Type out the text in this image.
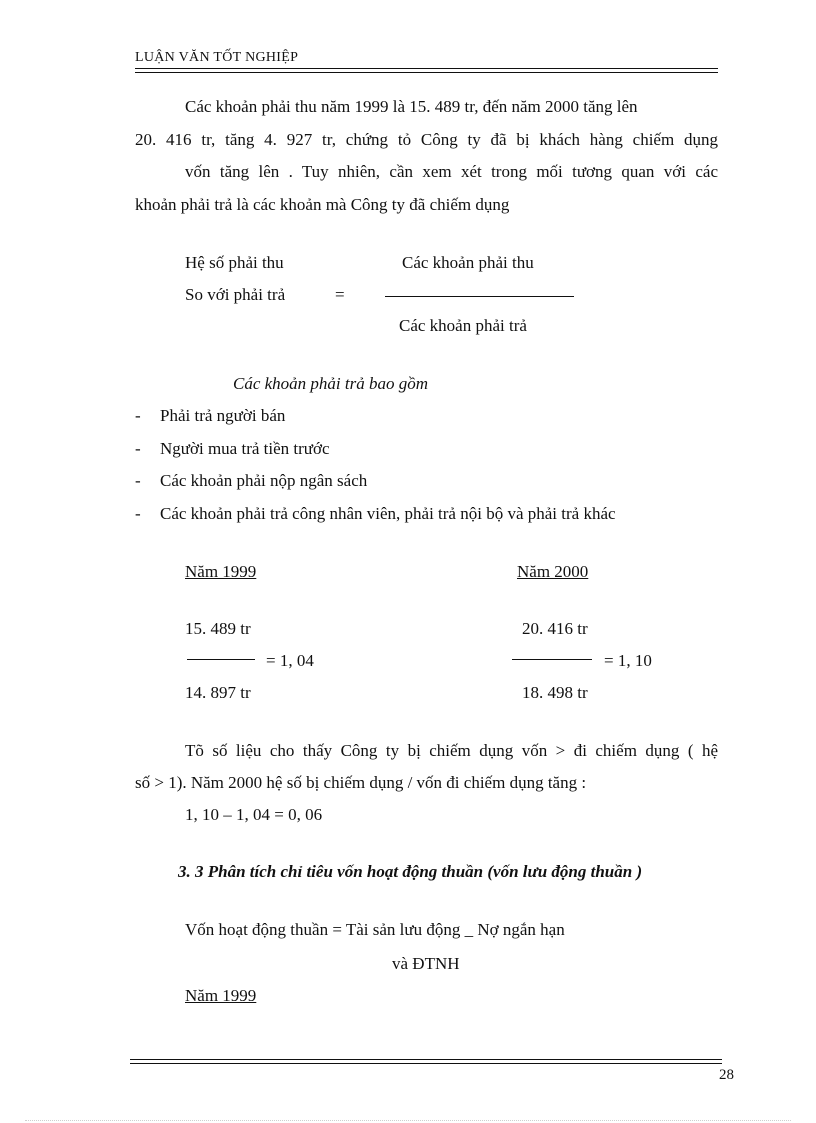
LUẬN VĂN TỐT NGHIỆP
Các khoản phải thu năm 1999 là 15. 489 tr, đến năm 2000 tăng lên
20. 416 tr, tăng 4. 927 tr, chứng tỏ Công ty đã bị khách hàng chiếm dụng
vốn tăng lên . Tuy nhiên, cần xem xét trong mối tương quan với các
khoản phải trả là các khoản mà Công ty đã chiếm dụng
Hệ số phải thu
So với phải trả	=
Các khoản phải thu
Các khoản phải trả
Các khoản phải trả bao gồm
- Phải trả người bán
- Người mua trả tiền trước
- Các khoản phải nộp ngân sách
- Các khoản phải trả công nhân viên, phải trả nội bộ và phải trả khác
Năm 1999	Năm 2000
15. 489 tr
= 1, 04
14. 897 tr
20. 416 tr
= 1, 10
18. 498 tr
Tõ số liệu cho thấy Công ty bị chiếm dụng vốn > đi chiếm dụng ( hệ
số > 1). Năm 2000 hệ số bị chiếm dụng / vốn đi chiếm dụng tăng :
1, 10 – 1, 04 = 0, 06
3. 3 Phân tích chỉ tiêu vốn hoạt động thuần (vốn lưu động thuần )
Vốn hoạt động thuần = Tài sản lưu động _ Nợ ngắn hạn
và ĐTNH
Năm 1999
28
